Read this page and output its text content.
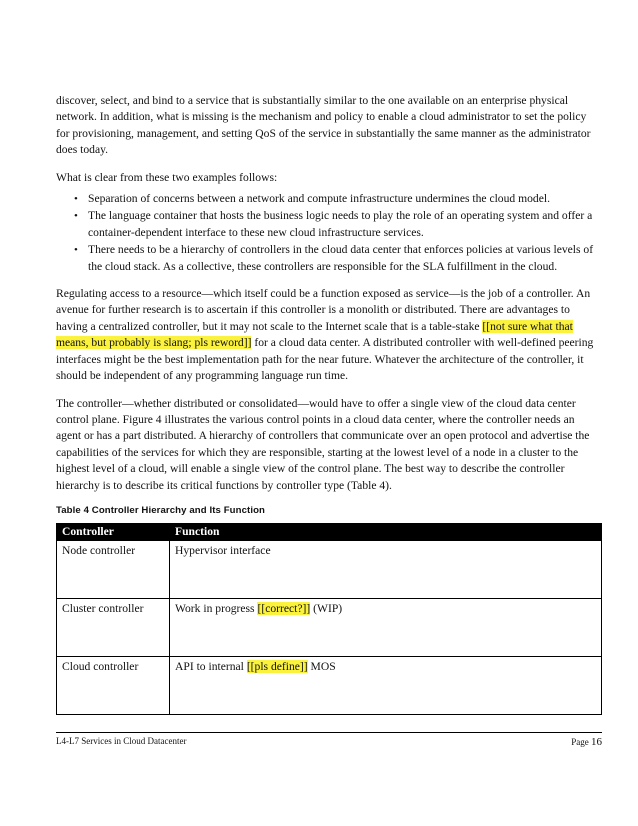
discover, select, and bind to a service that is substantially similar to the one available on an enterprise physical network. In addition, what is missing is the mechanism and policy to enable a cloud administrator to set the policy for provisioning, management, and setting QoS of the service in substantially the same manner as the administrator does today.

What is clear from these two examples follows:

• Separation of concerns between a network and compute infrastructure undermines the cloud model.
• The language container that hosts the business logic needs to play the role of an operating system and offer a container-dependent interface to these new cloud infrastructure services.
• There needs to be a hierarchy of controllers in the cloud data center that enforces policies at various levels of the cloud stack. As a collective, these controllers are responsible for the SLA fulfillment in the cloud.

Regulating access to a resource—which itself could be a function exposed as service—is the job of a controller. An avenue for further research is to ascertain if this controller is a monolith or distributed. There are advantages to having a centralized controller, but it may not scale to the Internet scale that is a table-stake [[not sure what that means, but probably is slang; pls reword]] for a cloud data center. A distributed controller with well-defined peering interfaces might be the best implementation path for the near future. Whatever the architecture of the controller, it should be independent of any programming language run time.

The controller—whether distributed or consolidated—would have to offer a single view of the cloud data center control plane. Figure 4 illustrates the various control points in a cloud data center, where the controller needs an agent or has a part distributed. A hierarchy of controllers that communicate over an open protocol and advertise the capabilities of the services for which they are responsible, starting at the lowest level of a node in a cluster to the highest level of a cloud, will enable a single view of the control plane. The best way to describe the controller hierarchy is to describe its critical functions by controller type (Table 4).

Table 4 Controller Hierarchy and Its Function
Controller	Function
Node controller	Hypervisor interface
Cluster controller	Work in progress [[correct?]] (WIP)
Cloud controller	API to internal [[pls define]] MOS
L4-L7 Services in Cloud Datacenter	Page 16
